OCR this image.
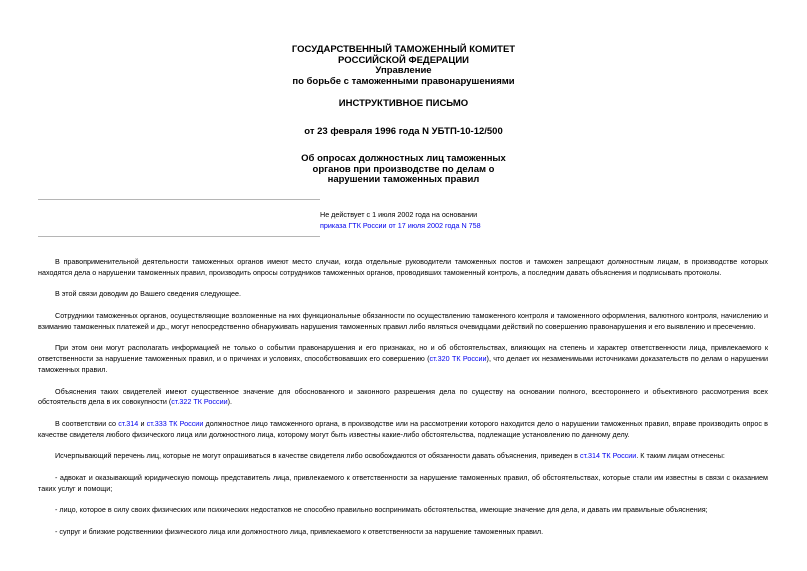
ГОСУДАРСТВЕННЫЙ ТАМОЖЕННЫЙ КОМИТЕТ
РОССИЙСКОЙ ФЕДЕРАЦИИ
Управление
по борьбе с таможенными правонарушениями
ИНСТРУКТИВНОЕ ПИСЬМО
от 23 февраля 1996 года N УБТП-10-12/500
Об опросах должностных лиц таможенных
органов при производстве по делам о
нарушении таможенных правил
Не действует с 1 июля 2002 года на основании
приказа ГТК России от 17 июля 2002 года N 758

В правоприменительной деятельности таможенных органов имеют место случаи, когда отдельные руководители таможенных постов и таможен запрещают должностным лицам, в производстве которых находятся дела о нарушении таможенных правил, производить опросы сотрудников таможенных органов, проводивших таможенный контроль, а последним давать объяснения и подписывать протоколы.

В этой связи доводим до Вашего сведения следующее.

Сотрудники таможенных органов, осуществляющие возложенные на них функциональные обязанности по осуществлению таможенного контроля и таможенного оформления, валютного контроля, начислению и взиманию таможенных платежей и др., могут непосредственно обнаруживать нарушения таможенных правил либо являться очевидцами действий по совершению правонарушения и его выявлению и пресечению.

При этом они могут располагать информацией не только о событии правонарушения и его признаках, но и об обстоятельствах, влияющих на степень и характер ответственности лица, привлекаемого к ответственности за нарушение таможенных правил, и о причинах и условиях, способствовавших его совершению (ст.320 ТК России), что делает их незаменимыми источниками доказательств по делам о нарушении таможенных правил.

Объяснения таких свидетелей имеют существенное значение для обоснованного и законного разрешения дела по существу на основании полного, всестороннего и объективного рассмотрения всех обстоятельств дела в их совокупности (ст.322 ТК России).

В соответствии со ст.314 и ст.333 ТК России должностное лицо таможенного органа, в производстве или на рассмотрении которого находится дело о нарушении таможенных правил, вправе производить опрос в качестве свидетеля любого физического лица или должностного лица, которому могут быть известны какие-либо обстоятельства, подлежащие установлению по данному делу.

Исчерпывающий перечень лиц, которые не могут опрашиваться в качестве свидетеля либо освобождаются от обязанности давать объяснения, приведен в ст.314 ТК России. К таким лицам отнесены:

- адвокат и оказывающий юридическую помощь представитель лица, привлекаемого к ответственности за нарушение таможенных правил, об обстоятельствах, которые стали им известны в связи с оказанием таких услуг и помощи;

- лицо, которое в силу своих физических или психических недостатков не способно правильно воспринимать обстоятельства, имеющие значение для дела, и давать им правильные объяснения;

- супруг и близкие родственники физического лица или должностного лица, привлекаемого к ответственности за нарушение таможенных правил.
